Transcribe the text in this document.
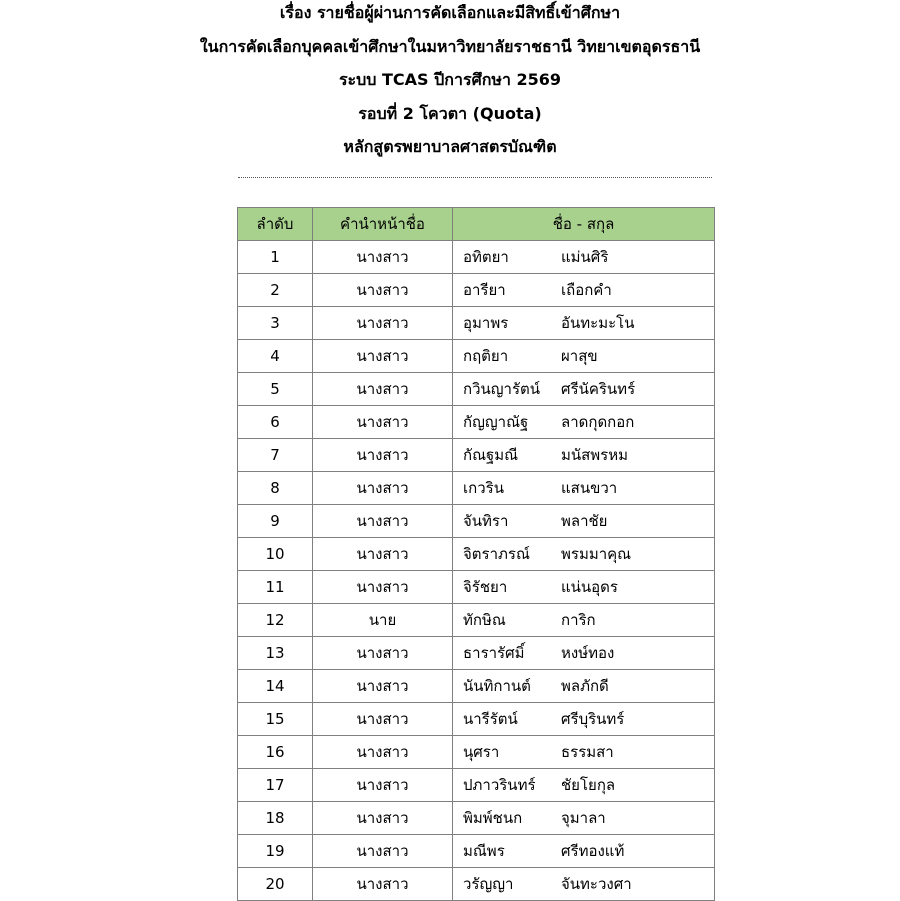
เรื่อง รายชื่อผู้ผ่านการคัดเลือกและมีสิทธิ์เข้าศึกษา
ในการคัดเลือกบุคคลเข้าศึกษาในมหาวิทยาลัยราชธานี วิทยาเขตอุดรธานี
ระบบ TCAS ปีการศึกษา 2569
รอบที่ 2 โควตา (Quota)
หลักสูตรพยาบาลศาสตรบัณฑิต
ลำดับ	คำนำหน้าชื่อ	ชื่อ - สกุล
1	นางสาว	อทิตยา แม่นศิริ
2	นางสาว	อารียา เถือกคำ
3	นางสาว	อุมาพร อันทะมะโน
4	นางสาว	กฤติยา ผาสุข
5	นางสาว	กวินญารัตน์ ศรีนัครินทร์
6	นางสาว	กัญญาณัฐ ลาดกุดกอก
7	นางสาว	กัณฐมณี มนัสพรหม
8	นางสาว	เกวริน แสนขวา
9	นางสาว	จันทิรา พลาชัย
10	นางสาว	จิตราภรณ์ พรมมาคุณ
11	นางสาว	จิรัชยา แน่นอุดร
12	นาย	ทักษิณ การิก
13	นางสาว	ธารารัศมิ์ หงษ์ทอง
14	นางสาว	นันทิกานต์ พลภักดี
15	นางสาว	นารีรัตน์ ศรีบุรินทร์
16	นางสาว	นุศรา ธรรมสา
17	นางสาว	ปภาวรินทร์ ชัยโยกุล
18	นางสาว	พิมพ์ชนก จุมาลา
19	นางสาว	มณีพร ศรีทองแท้
20	นางสาว	วรัญญา จันทะวงศา
